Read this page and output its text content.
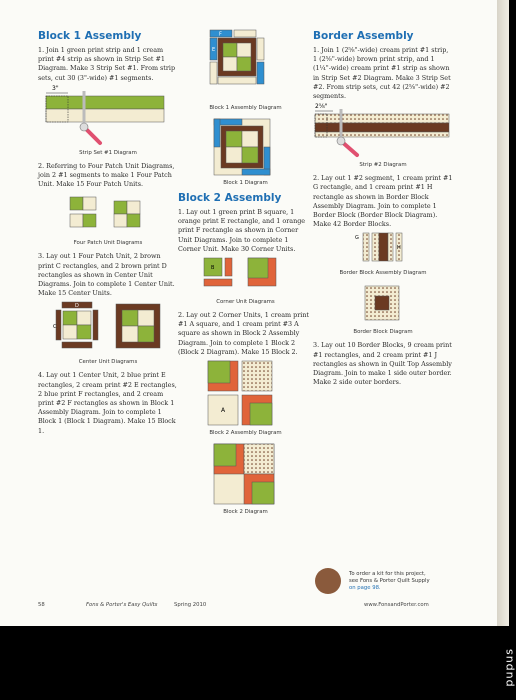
Block 1 Assembly

1. Join 1 green print strip and 1 cream print #4 strip as shown in Strip Set #1 Diagram. Make 3 Strip Set #1. From strip sets, cut 30 (3"-wide) #1 segments.

3"
Strip Set #1 Diagram

2. Referring to Four Patch Unit Diagrams, join 2 #1 segments to make 1 Four Patch Unit. Make 15 Four Patch Units.

Four Patch Unit Diagrams

3. Lay out 1 Four Patch Unit, 2 brown print C rectangles, and 2 brown print D rectangles as shown in Center Unit Diagrams. Join to complete 1 Center Unit. Make 15 Center Units.

C
D
Center Unit Diagrams

4. Lay out 1 Center Unit, 2 blue print E rectangles, 2 cream print #2 E rectangles, 2 blue print F rectangles, and 2 cream print #2 F rectangles as shown in Block 1 Assembly Diagram. Join to complete 1 Block 1 (Block 1 Diagram). Make 15 Block 1.

F
E
Block 1 Assembly Diagram
Block 1 Diagram
Block 2 Assembly

1. Lay out 1 green print B square, 1 orange print E rectangle, and 1 orange print F rectangle as shown in Corner Unit Diagrams. Join to complete 1 Corner Unit. Make 30 Corner Units.

B
Corner Unit Diagrams

2. Lay out 2 Corner Units, 1 cream print #1 A square, and 1 cream print #3 A square as shown in Block 2 Assembly Diagram. Join to complete 1 Block 2 (Block 2 Diagram). Make 15 Block 2.

A
Block 2 Assembly Diagram
Block 2 Diagram
Border Assembly

1. Join 1 (2⅝"-wide) cream print #1 strip, 1 (2⅝"-wide) brown print strip, and 1 (1¼"-wide) cream print #1 strip as shown in Strip Set #2 Diagram. Make 3 Strip Set #2. From strip sets, cut 42 (2⅝"-wide) #2 segments.

2⅝"
Strip #2 Diagram

2. Lay out 1 #2 segment, 1 cream print #1 G rectangle, and 1 cream print #1 H rectangle as shown in Border Block Assembly Diagram. Join to complete 1 Border Block (Border Block Diagram). Make 42 Border Blocks.

G
H
Border Block Assembly Diagram
Border Block Diagram

3. Lay out 10 Border Blocks, 9 cream print #1 rectangles, and 2 cream print #1 J rectangles as shown in Quilt Top Assembly Diagram. Join to make 1 side outer border. Make 2 side outer borders.

To order a kit for this project,
see Fons & Porter Quilt Supply
on page 98.
58	Fons & Porter's Easy Quilts	Spring 2010	www.FonsandPorter.com
pupus
